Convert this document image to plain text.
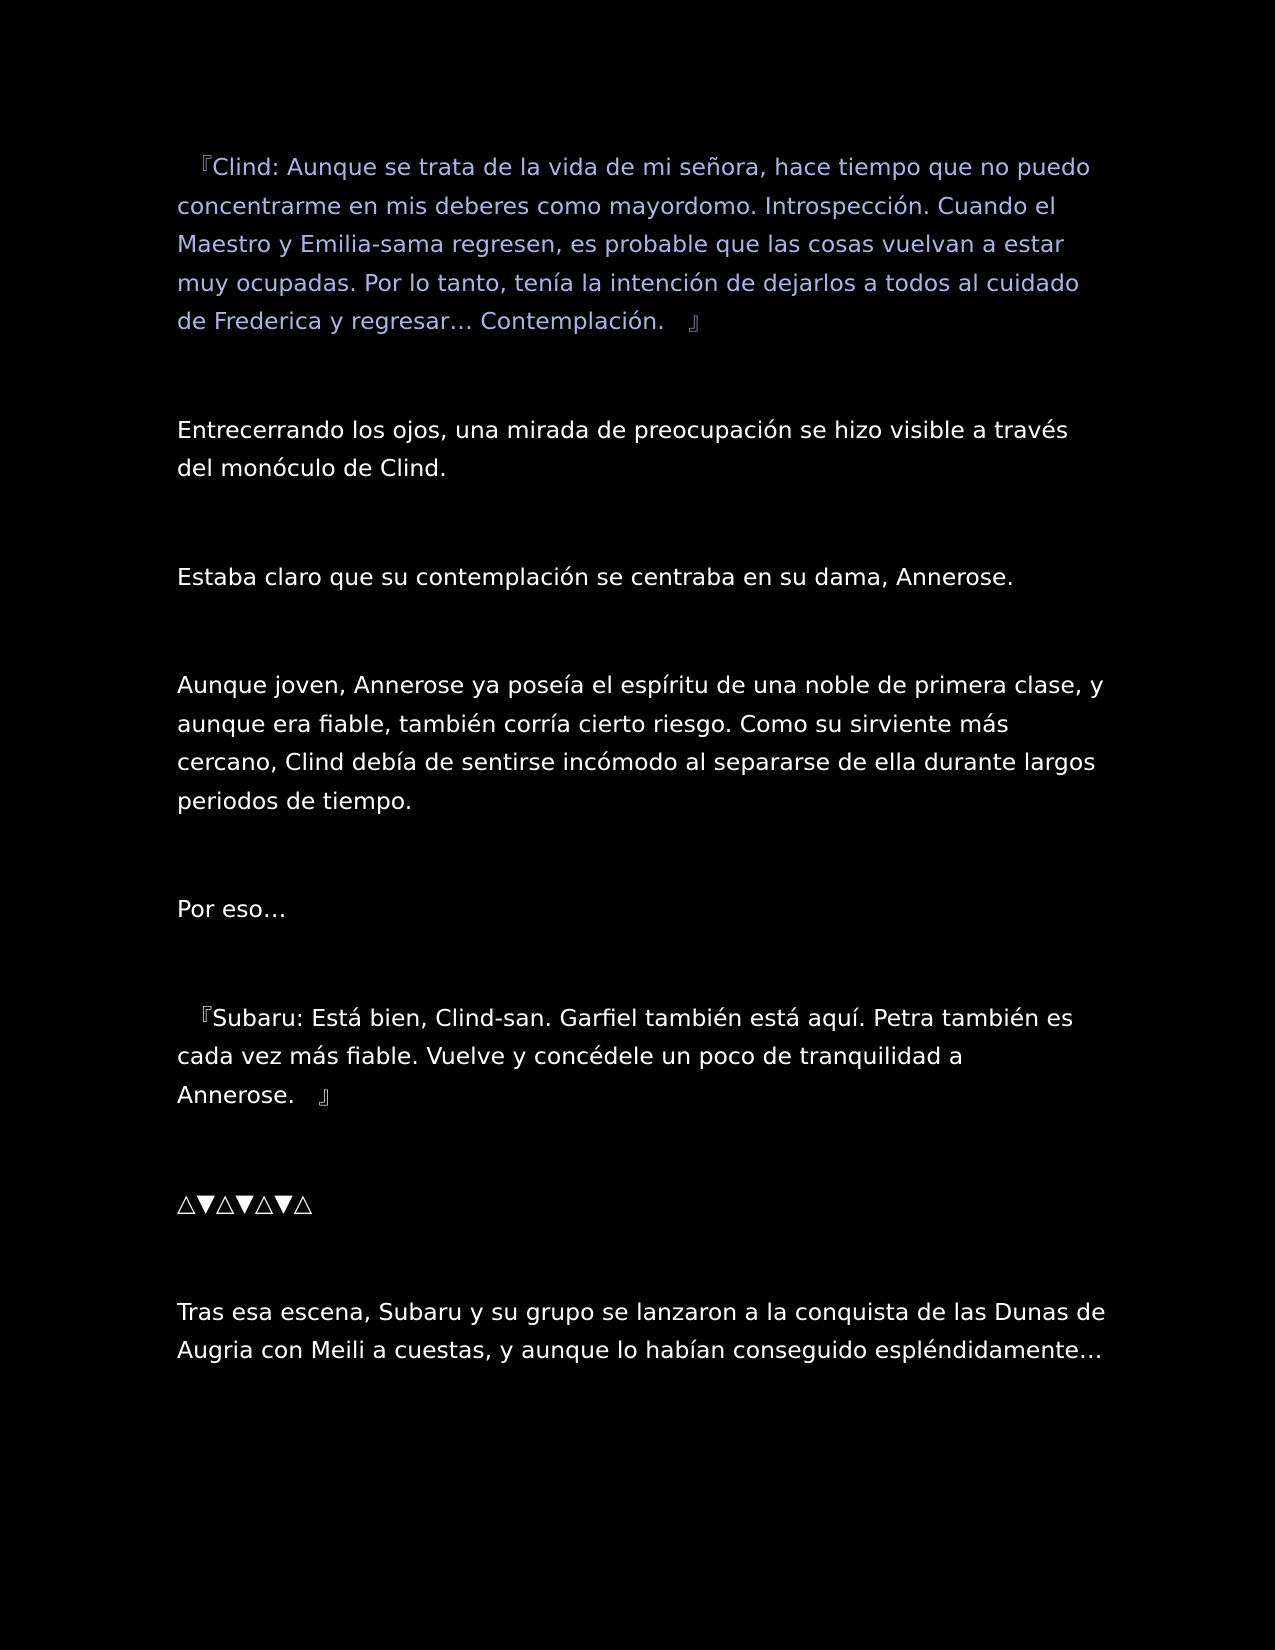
　『Clind: Aunque se trata de la vida de mi señora, hace tiempo que no puedo concentrarme en mis deberes como mayordomo. Introspección. Cuando el Maestro y Emilia-sama regresen, es probable que las cosas vuelvan a estar muy ocupadas. Por lo tanto, tenía la intención de dejarlos a todos al cuidado de Frederica y regresar… Contemplación.　』

Entrecerrando los ojos, una mirada de preocupación se hizo visible a través del monóculo de Clind.

Estaba claro que su contemplación se centraba en su dama, Annerose.

Aunque joven, Annerose ya poseía el espíritu de una noble de primera clase, y aunque era fiable, también corría cierto riesgo. Como su sirviente más cercano, Clind debía de sentirse incómodo al separarse de ella durante largos periodos de tiempo.

Por eso…

　『Subaru: Está bien, Clind-san. Garfiel también está aquí. Petra también es cada vez más fiable. Vuelve y concédele un poco de tranquilidad a Annerose.　』

△▼△▼△▼△

Tras esa escena, Subaru y su grupo se lanzaron a la conquista de las Dunas de Augria con Meili a cuestas, y aunque lo habían conseguido espléndidamente…
